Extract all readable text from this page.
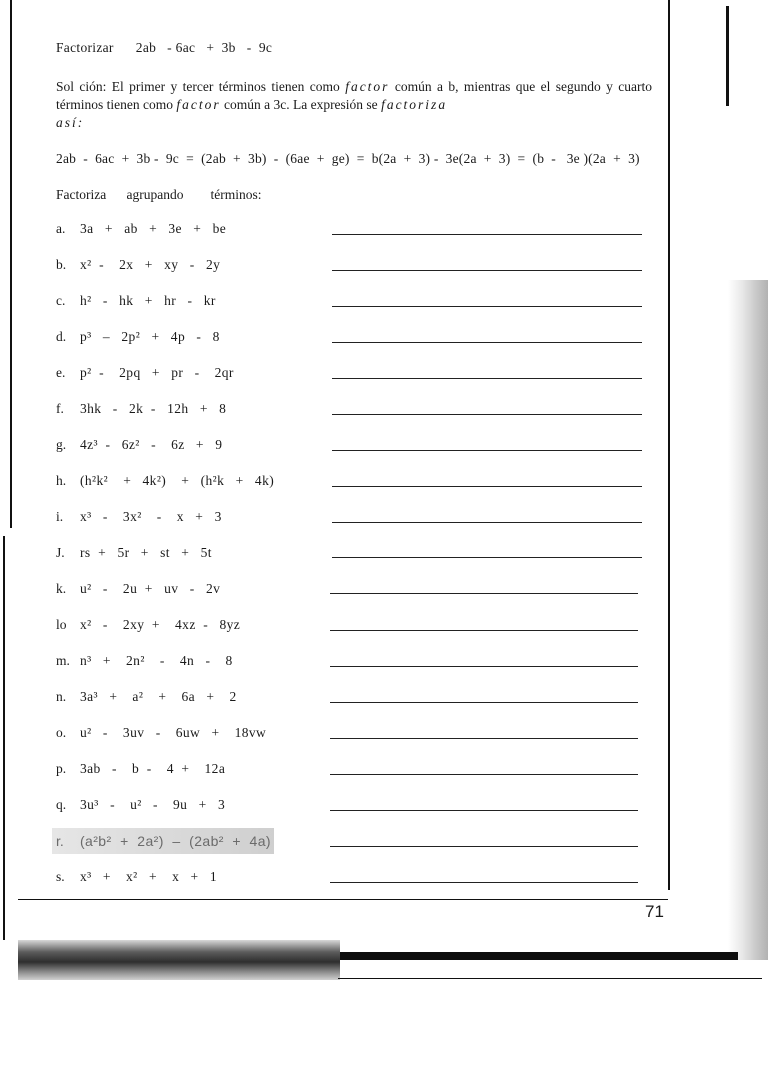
Factorizar      2ab   - 6ac   +  3b   -  9c
Sol ción: El primer y tercer términos tienen como factor común a b, mientras que el segundo y cuarto términos tienen como factor común a 3c. La expresión se factoriza
así:
2ab  -  6ac  +  3b -  9c  =  (2ab  +  3b)  -  (6ae  +  ge)  =  b(2a  +  3) -  3e(2a  +  3)  =  (b  -   3e )(2a  +  3)
Factoriza      agrupando        términos:
a. 3a   +   ab   +   3e   +   be
b. x²  -    2x   +   xy   -   2y
c. h²   -   hk   +   hr   -   kr
d. p³   –   2p²   +   4p   -   8
e. p²  -    2pq   +   pr   -    2qr
f. 3hk   -   2k  -   12h   +   8
g. 4z³  -   6z²   -    6z   +   9
h. (h²k²    +   4k²)    +   (h²k   +   4k)
i. x³   -    3x²    -    x   +   3
J. rs  +   5r   +   st   +   5t
k. u²   -    2u  +   uv   -   2v
lo x²   -    2xy  +    4xz  -   8yz
m. n³   +    2n²    -    4n   -    8
n. 3a³   +    a²    +    6a   +    2
o. u²   -    3uv   -    6uw   +    18vw
p. 3ab   -    b  -    4  +    12a
q. 3u³   -    u²   -    9u   +   3
r. (a²b²  +  2a²)  –  (2ab²  +  4a)
s. x³   +    x²   +    x   +   1
71
